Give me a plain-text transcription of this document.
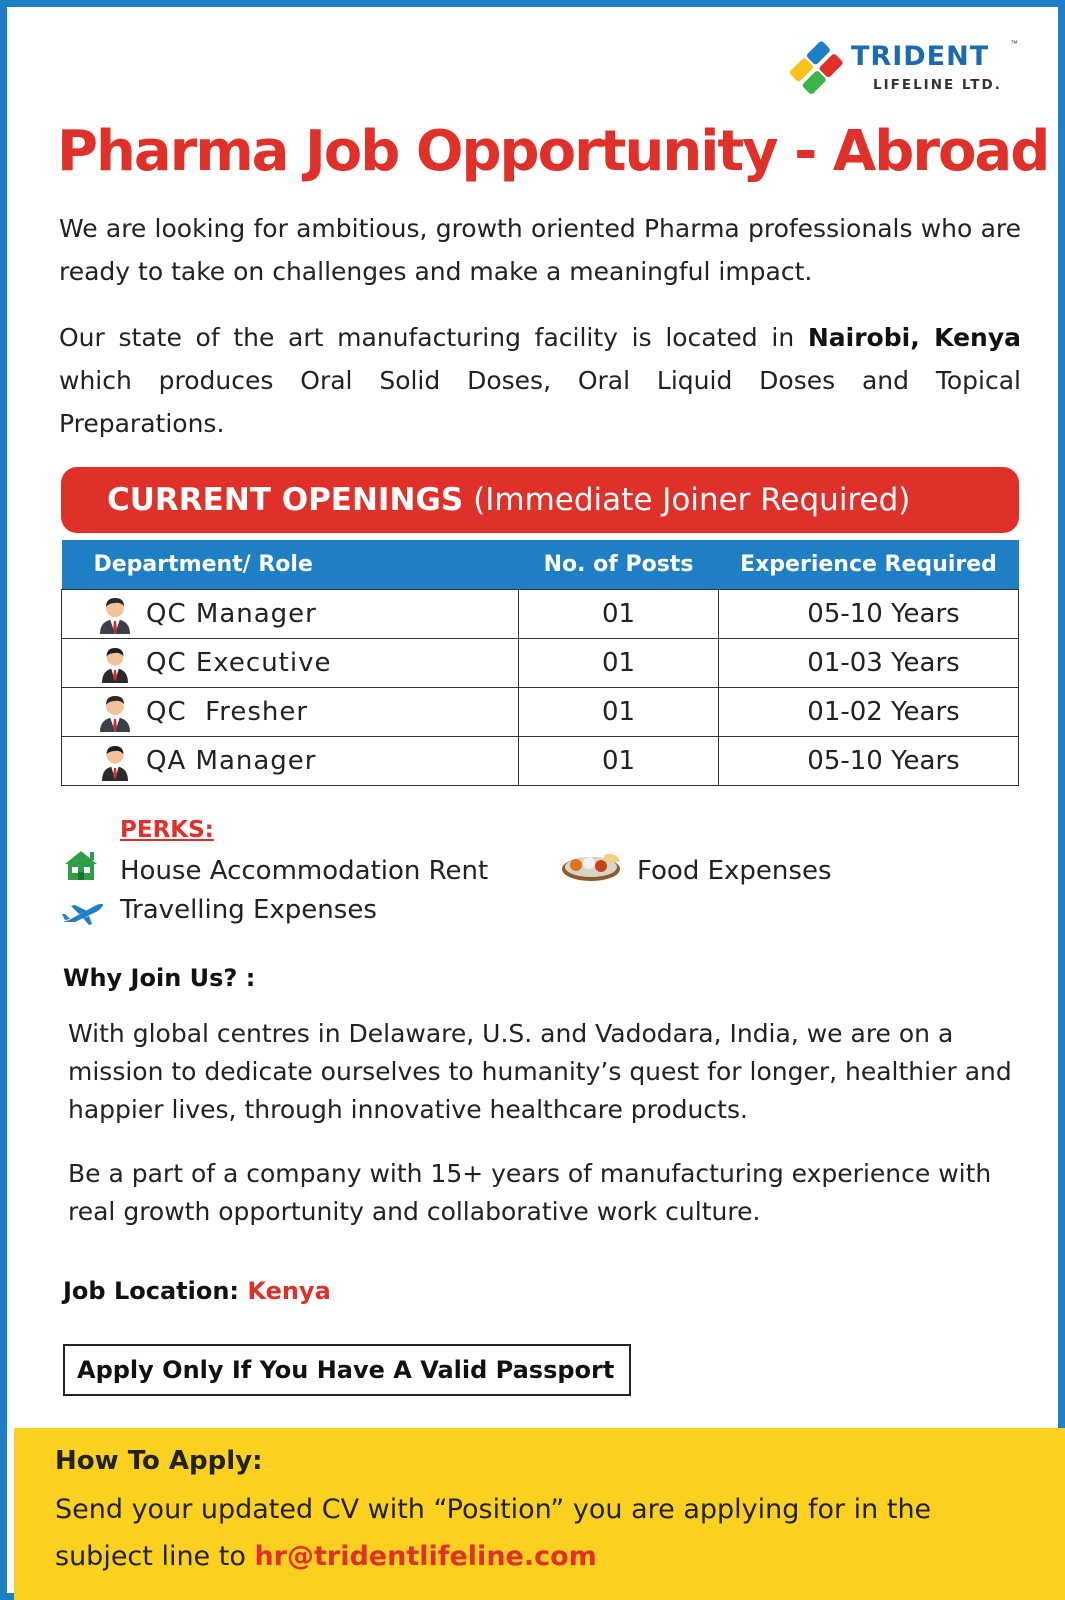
TRIDENT	™
LIFELINE LTD.
Pharma Job Opportunity - Abroad
We are looking for ambitious, growth oriented Pharma professionals who are ready to take on challenges and make a meaningful impact.
Our state of the art manufacturing facility is located in Nairobi, Kenya which produces Oral Solid Doses, Oral Liquid Doses and Topical Preparations.
CURRENT OPENINGS (Immediate Joiner Required)
Department/ Role	No. of Posts	Experience Required
QC Manager	01	05-10 Years
QC Executive	01	01-03 Years
QC  Fresher	01	01-02 Years
QA Manager	01	05-10 Years
PERKS:
House Accommodation Rent	Food Expenses
Travelling Expenses
Why Join Us? :
With global centres in Delaware, U.S. and Vadodara, India, we are on a mission to dedicate ourselves to humanity’s quest for longer, healthier and happier lives, through innovative healthcare products.
Be a part of a company with 15+ years of manufacturing experience with real growth opportunity and collaborative work culture.
Job Location: Kenya
Apply Only If You Have A Valid Passport
How To Apply:
Send your updated CV with “Position” you are applying for in the subject line to hr@tridentlifeline.com
